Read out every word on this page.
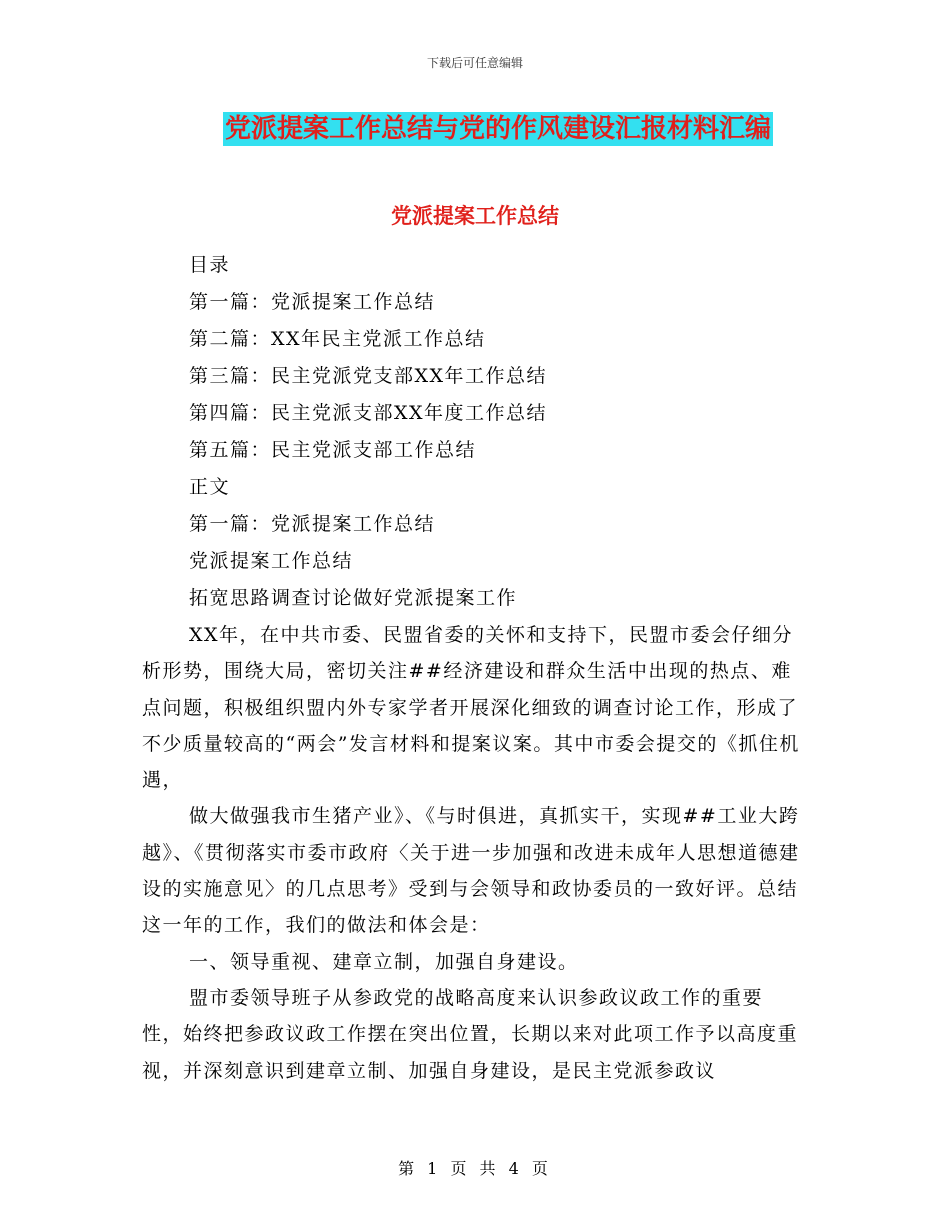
下载后可任意编辑
党派提案工作总结与党的作风建设汇报材料汇编
党派提案工作总结
目录
第一篇：党派提案工作总结
第二篇：XX年民主党派工作总结
第三篇：民主党派党支部XX年工作总结
第四篇：民主党派支部XX年度工作总结
第五篇：民主党派支部工作总结
正文
第一篇：党派提案工作总结
党派提案工作总结
拓宽思路调查讨论做好党派提案工作

XX年，在中共市委、民盟省委的关怀和支持下，民盟市委会仔细分析形势，围绕大局，密切关注##经济建设和群众生活中出现的热点、难点问题，积极组织盟内外专家学者开展深化细致的调查讨论工作，形成了不少质量较高的“两会”发言材料和提案议案。其中市委会提交的《抓住机遇，

做大做强我市生猪产业》、《与时俱进，真抓实干，实现##工业大跨越》、《贯彻落实市委市政府〈关于进一步加强和改进未成年人思想道德建设的实施意见〉的几点思考》受到与会领导和政协委员的一致好评。总结这一年的工作，我们的做法和体会是：

一、领导重视、建章立制，加强自身建设。

盟市委领导班子从参政党的战略高度来认识参政议政工作的重要性，始终把参政议政工作摆在突出位置，长期以来对此项工作予以高度重视，并深刻意识到建章立制、加强自身建设，是民主党派参政议

第 1 页 共 4 页
